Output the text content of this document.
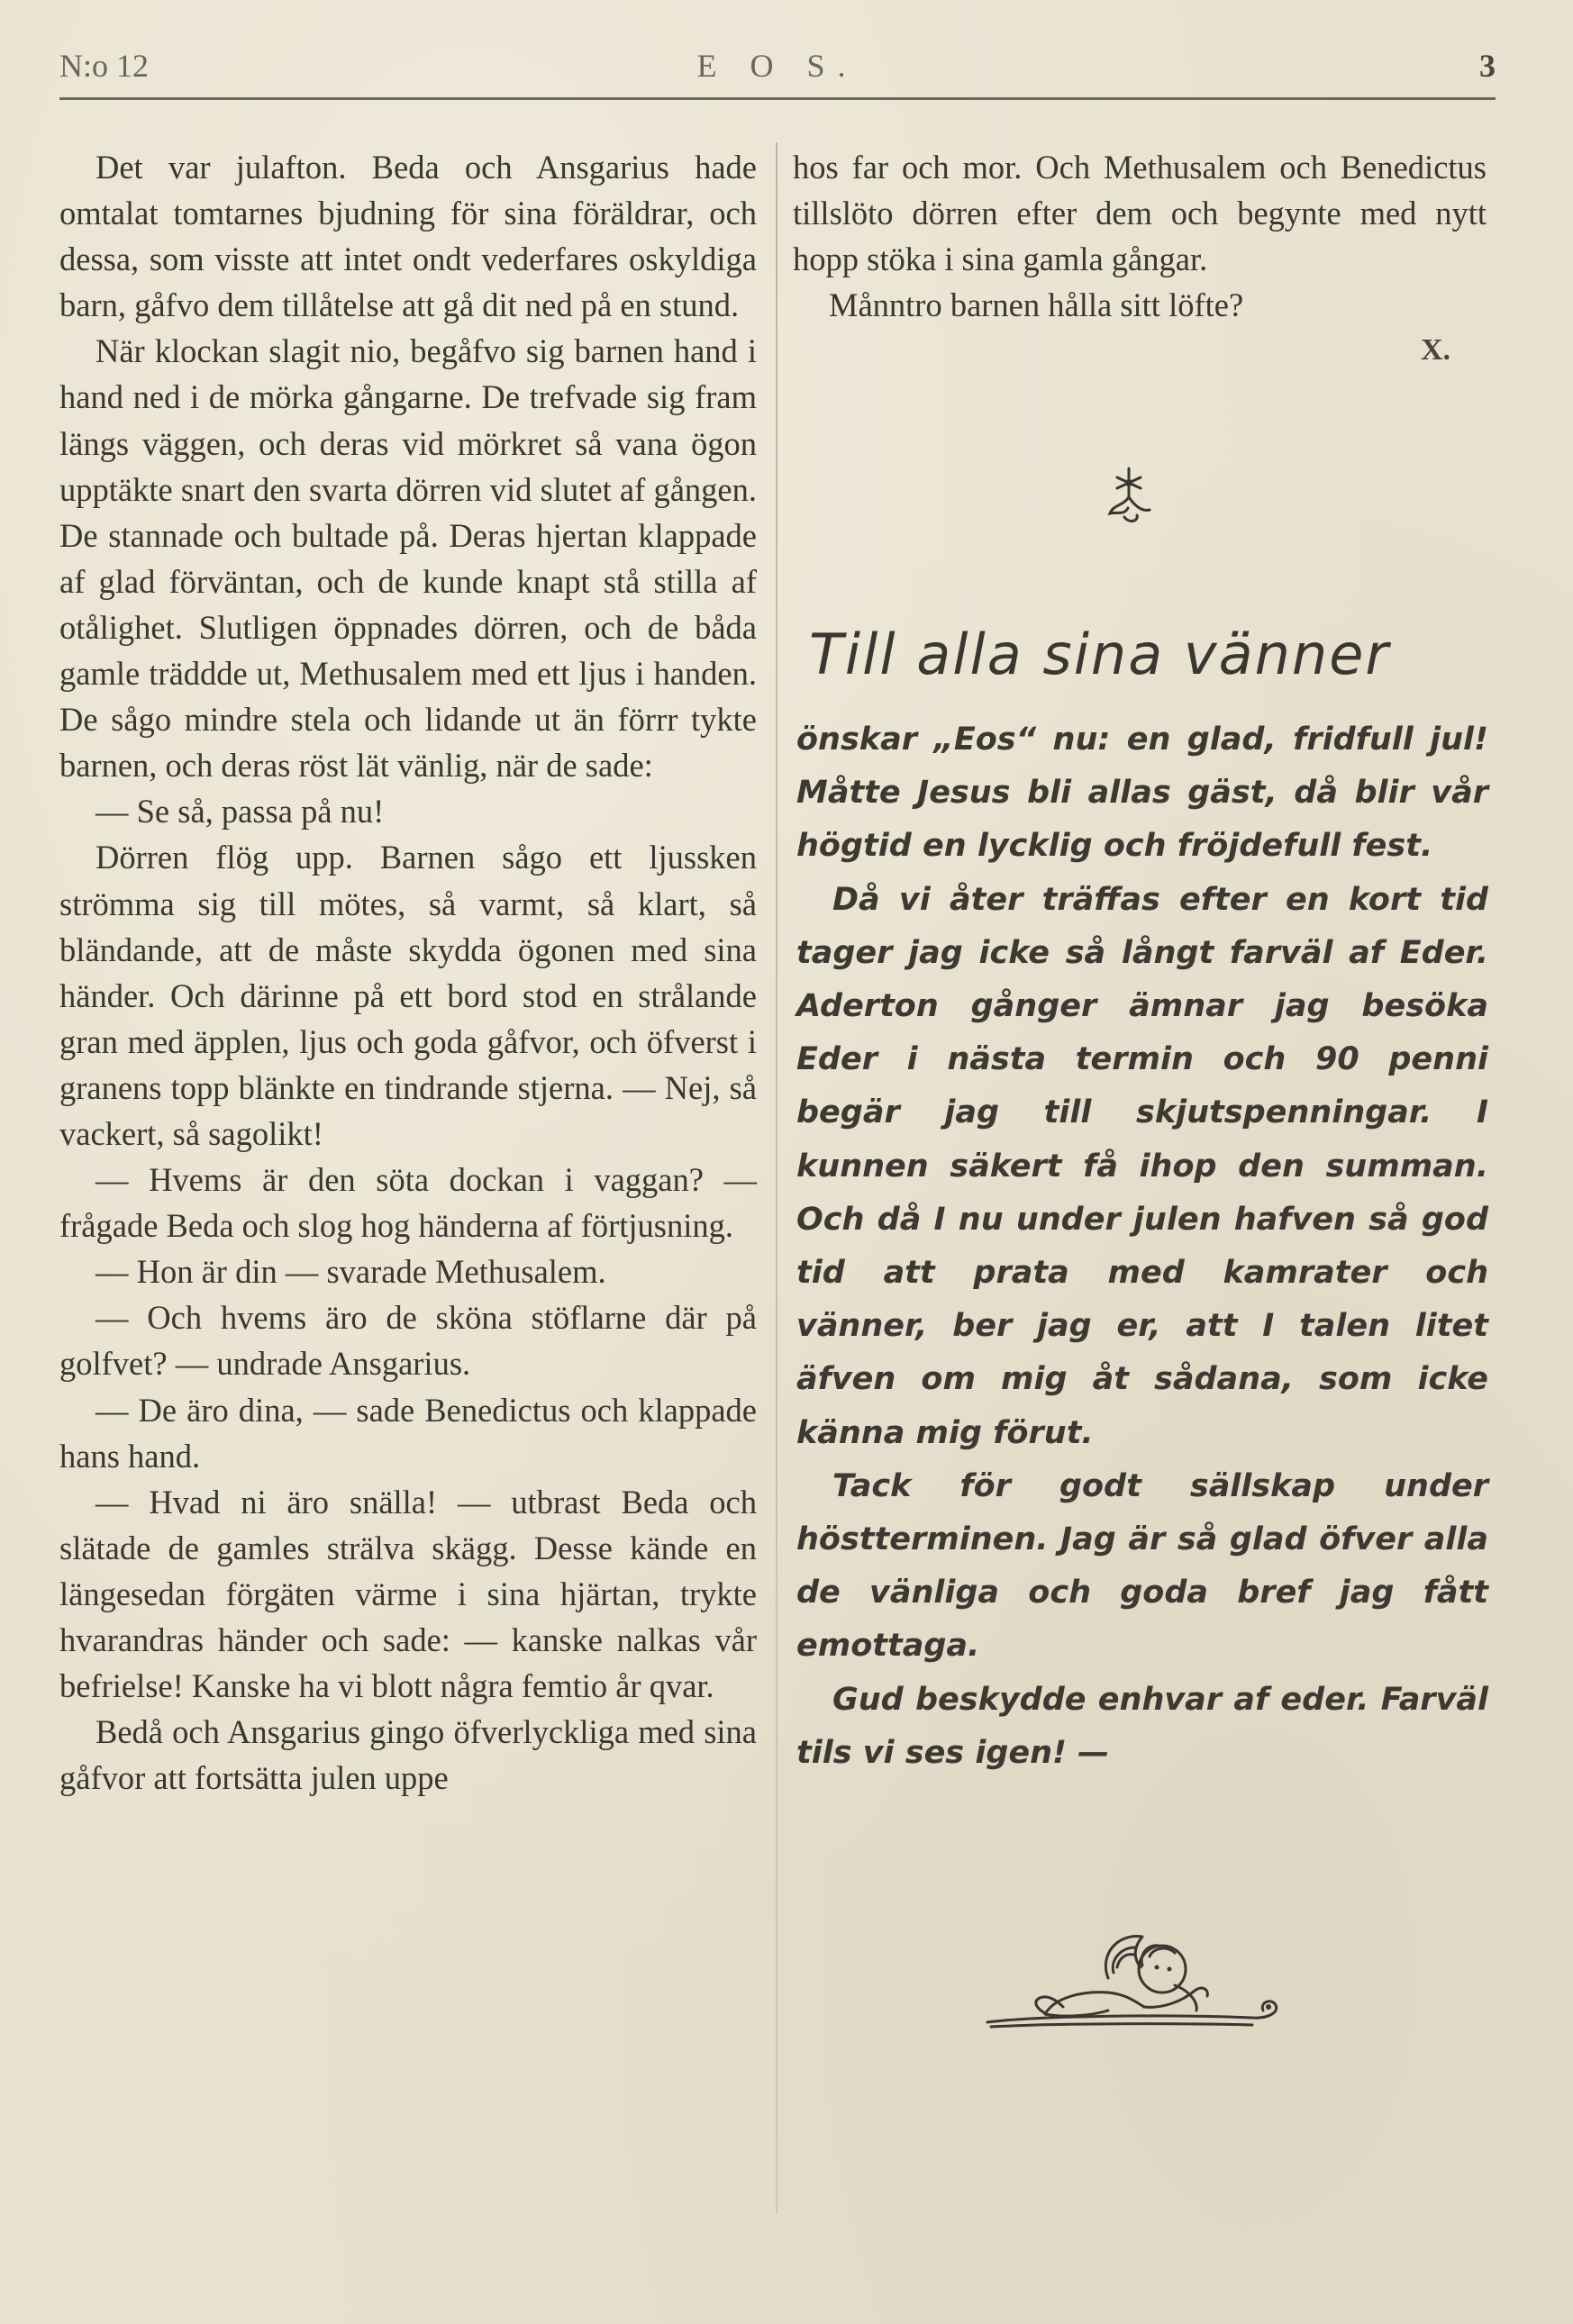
N:o 12	E O S.	3

Det var julafton. Beda och Ansgarius hade omtalat tomtarnes bjudning för sina föräldrar, och dessa, som visste att intet ondt vederfares oskyldiga barn, gåfvo dem tillåtelse att gå dit ned på en stund.

När klockan slagit nio, begåfvo sig barnen hand i hand ned i de mörka gångarne. De trefvade sig fram längs väggen, och deras vid mörkret så vana ögon upptäkte snart den svarta dörren vid slutet af gången. De stannade och bultade på. Deras hjertan klappade af glad förväntan, och de kunde knapt stå stilla af otålighet. Slutligen öppnades dörren, och de båda gamle träddde ut, Methusalem med ett ljus i handen. De sågo mindre stela och lidande ut än förrr tykte barnen, och deras röst lät vänlig, när de sade:

— Se så, passa på nu!

Dörren flög upp. Barnen sågo ett ljussken strömma sig till mötes, så varmt, så klart, så bländande, att de måste skydda ögonen med sina händer. Och därinne på ett bord stod en strålande gran med äpplen, ljus och goda gåfvor, och öfverst i granens topp blänkte en tindrande stjerna. — Nej, så vackert, så sagolikt!

— Hvems är den söta dockan i vaggan? — frågade Beda och slog hog händerna af förtjusning.

— Hon är din — svarade Methusalem.

— Och hvems äro de sköna stöflarne där på golfvet? — undrade Ansgarius.

— De äro dina, — sade Benedictus och klappade hans hand.

— Hvad ni äro snälla! — utbrast Beda och slätade de gamles strälva skägg. Desse kände en längesedan förgäten värme i sina hjärtan, trykte hvarandras händer och sade: — kanske nalkas vår befrielse! Kanske ha vi blott några femtio år qvar.

Bedå och Ansgarius gingo öfverlyckliga med sina gåfvor att fortsätta julen uppe

hos far och mor. Och Methusalem och Benedictus tillslöto dörren efter dem och begynte med nytt hopp stöka i sina gamla gångar.

Månntro barnen hålla sitt löfte?

X.
Till alla sina vänner

önskar „Eos“ nu: en glad, fridfull jul! Måtte Jesus bli allas gäst, då blir vår högtid en lycklig och fröjdefull fest.

Då vi åter träffas efter en kort tid tager jag icke så långt farväl af Eder. Aderton gånger ämnar jag besöka Eder i nästa termin och 90 penni begär jag till skjutspenningar. I kunnen säkert få ihop den summan. Och då I nu under julen hafven så god tid att prata med kamrater och vänner, ber jag er, att I talen litet äfven om mig åt sådana, som icke känna mig förut.

Tack för godt sällskap under höstterminen. Jag är så glad öfver alla de vänliga och goda bref jag fått emottaga.

Gud beskydde enhvar af eder. Farväl tils vi ses igen! —
